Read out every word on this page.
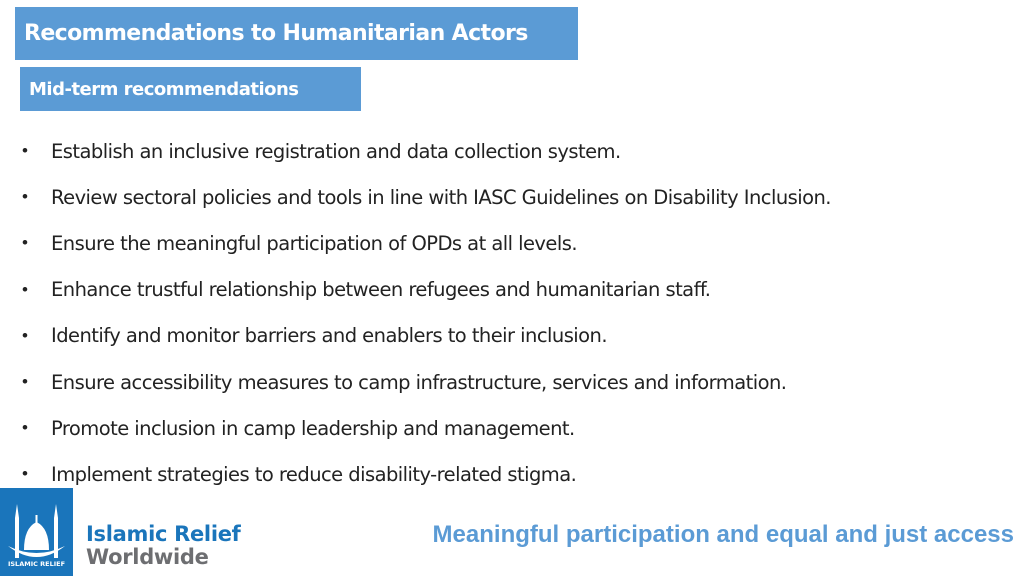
Recommendations to Humanitarian Actors
Mid-term recommendations
•	Establish an inclusive registration and data collection system.
•	Review sectoral policies and tools in line with IASC Guidelines on Disability Inclusion.
•	Ensure the meaningful participation of OPDs at all levels.
•	Enhance trustful relationship between refugees and humanitarian staff.
•	Identify and monitor barriers and enablers to their inclusion.
•	Ensure accessibility measures to camp infrastructure, services and information.
•	Promote inclusion in camp leadership and management.
•	Implement strategies to reduce disability-related stigma.
ISLAMIC RELIEF
Islamic Relief
Worldwide
Meaningful participation and equal and just access
